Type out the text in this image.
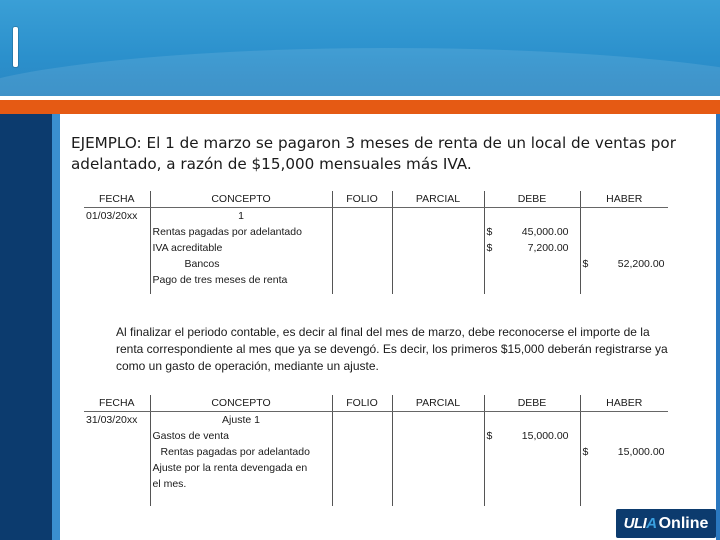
EJEMPLO: El 1 de marzo se pagaron 3 meses de renta de un local de ventas por adelantado, a razón de $15,000 mensuales más IVA.
FECHA	CONCEPTO	FOLIO	PARCIAL	DEBE	HABER
01/03/20xx	1				
	Rentas pagadas por adelantado			$ 45,000.00	
	IVA acreditable			$ 7,200.00	
	Bancos				$ 52,200.00
	Pago de tres meses de renta				

Al finalizar el periodo contable, es decir al final del mes de marzo, debe reconocerse el importe de la renta correspondiente al mes que ya se devengó. Es decir, los primeros $15,000 deberán registrarse ya como un gasto de operación, mediante un ajuste.
FECHA	CONCEPTO	FOLIO	PARCIAL	DEBE	HABER
31/03/20xx	Ajuste 1				
	Gastos de venta			$ 15,000.00	
	Rentas pagadas por adelantado				$ 15,000.00
	Ajuste por la renta devengada en				
	el mes.				

ULIA Online
